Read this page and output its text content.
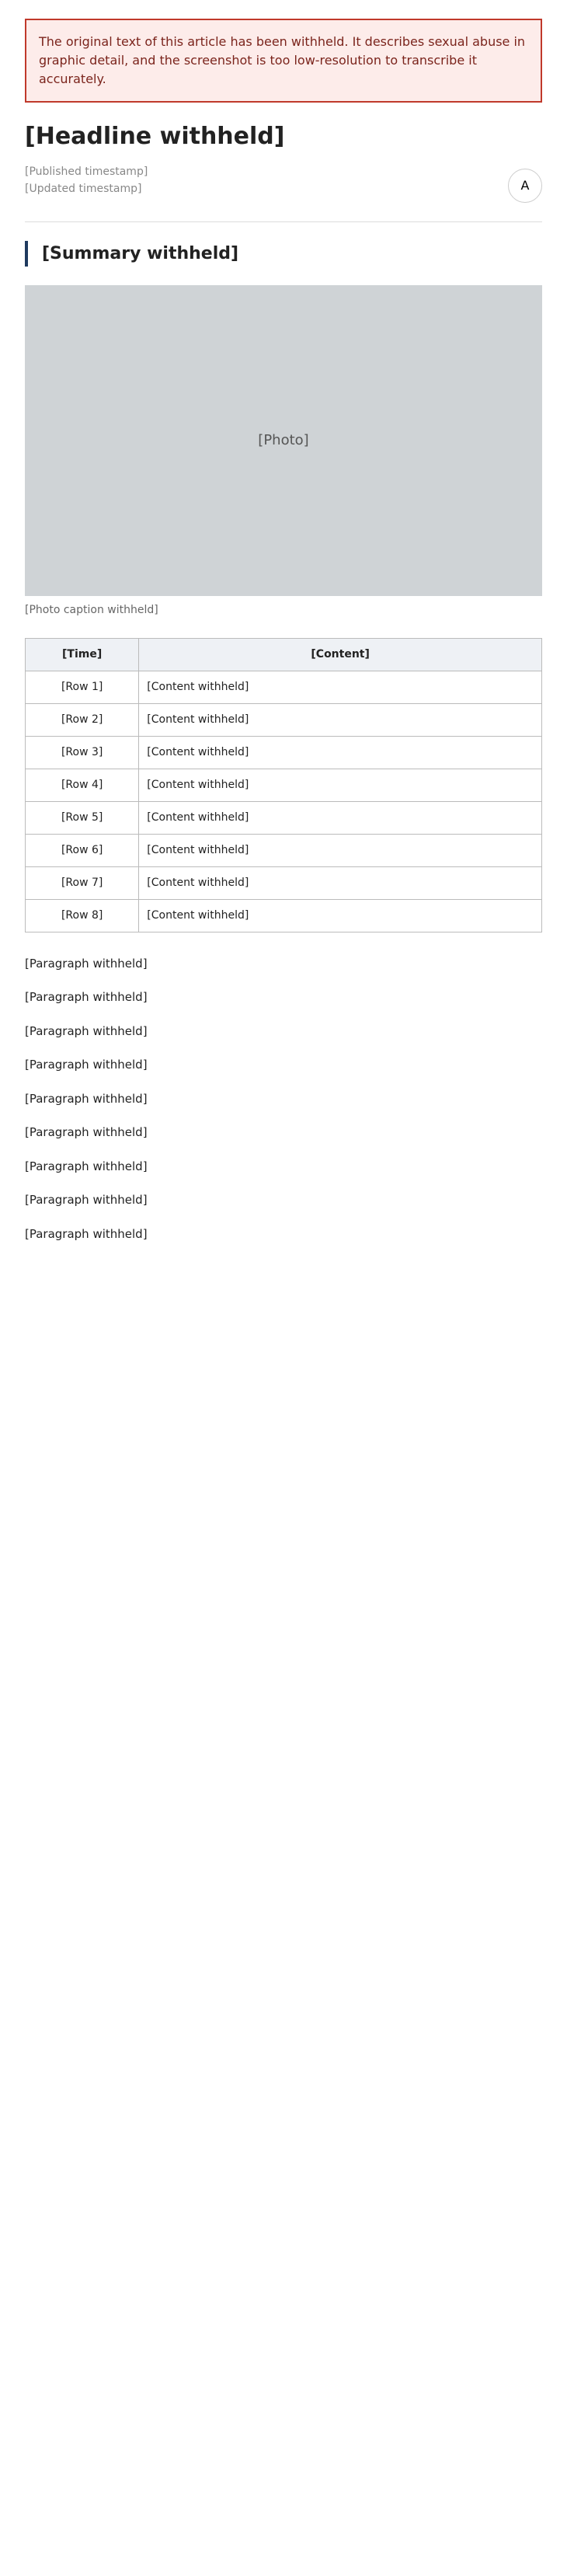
The original text of this article has been withheld. It describes sexual abuse in graphic detail, and the screenshot is too low-resolution to transcribe it accurately.
[Headline withheld]
[Published timestamp]
[Updated timestamp]	A
[Summary withheld]
[Photo]
[Photo caption withheld]
[Time]	[Content]
[Row 1]	[Content withheld]
[Row 2]	[Content withheld]
[Row 3]	[Content withheld]
[Row 4]	[Content withheld]
[Row 5]	[Content withheld]
[Row 6]	[Content withheld]
[Row 7]	[Content withheld]
[Row 8]	[Content withheld]

[Paragraph withheld]

[Paragraph withheld]

[Paragraph withheld]

[Paragraph withheld]

[Paragraph withheld]

[Paragraph withheld]

[Paragraph withheld]

[Paragraph withheld]

[Paragraph withheld]
